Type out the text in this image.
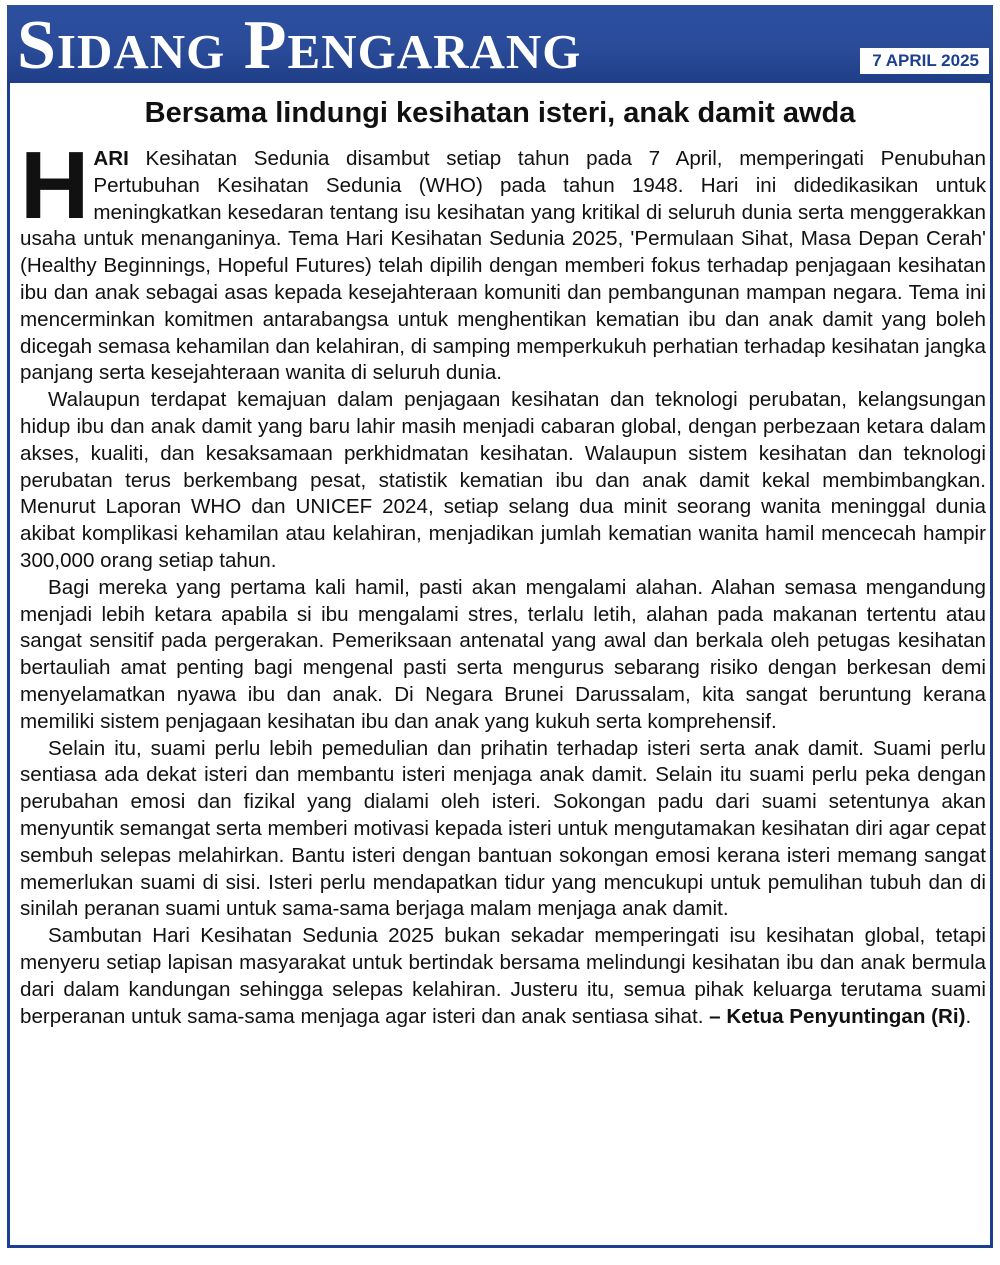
Sidang Pengarang	7 APRIL 2025
Bersama lindungi kesihatan isteri, anak damit awda

HARI Kesihatan Sedunia disambut setiap tahun pada 7 April, memperingati Penubuhan Pertubuhan Kesihatan Sedunia (WHO) pada tahun 1948. Hari ini didedikasikan untuk meningkatkan kesedaran tentang isu kesihatan yang kritikal di seluruh dunia serta menggerakkan usaha untuk menanganinya. Tema Hari Kesihatan Sedunia 2025, 'Permulaan Sihat, Masa Depan Cerah' (Healthy Beginnings, Hopeful Futures) telah dipilih dengan memberi fokus terhadap penjagaan kesihatan ibu dan anak sebagai asas kepada kesejahteraan komuniti dan pembangunan mampan negara. Tema ini mencerminkan komitmen antarabangsa untuk menghentikan kematian ibu dan anak damit yang boleh dicegah semasa kehamilan dan kelahiran, di samping memperkukuh perhatian terhadap kesihatan jangka panjang serta kesejahteraan wanita di seluruh dunia.

Walaupun terdapat kemajuan dalam penjagaan kesihatan dan teknologi perubatan, kelangsungan hidup ibu dan anak damit yang baru lahir masih menjadi cabaran global, dengan perbezaan ketara dalam akses, kualiti, dan kesaksamaan perkhidmatan kesihatan. Walaupun sistem kesihatan dan teknologi perubatan terus berkembang pesat, statistik kematian ibu dan anak damit kekal membimbangkan. Menurut Laporan WHO dan UNICEF 2024, setiap selang dua minit seorang wanita meninggal dunia akibat komplikasi kehamilan atau kelahiran, menjadikan jumlah kematian wanita hamil mencecah hampir 300,000 orang setiap tahun.

Bagi mereka yang pertama kali hamil, pasti akan mengalami alahan. Alahan semasa mengandung menjadi lebih ketara apabila si ibu mengalami stres, terlalu letih, alahan pada makanan tertentu atau sangat sensitif pada pergerakan. Pemeriksaan antenatal yang awal dan berkala oleh petugas kesihatan bertauliah amat penting bagi mengenal pasti serta mengurus sebarang risiko dengan berkesan demi menyelamatkan nyawa ibu dan anak. Di Negara Brunei Darussalam, kita sangat beruntung kerana memiliki sistem penjagaan kesihatan ibu dan anak yang kukuh serta komprehensif.

Selain itu, suami perlu lebih pemedulian dan prihatin terhadap isteri serta anak damit. Suami perlu sentiasa ada dekat isteri dan membantu isteri menjaga anak damit. Selain itu suami perlu peka dengan perubahan emosi dan fizikal yang dialami oleh isteri. Sokongan padu dari suami setentunya akan menyuntik semangat serta memberi motivasi kepada isteri untuk mengutamakan kesihatan diri agar cepat sembuh selepas melahirkan. Bantu isteri dengan bantuan sokongan emosi kerana isteri memang sangat memerlukan suami di sisi. Isteri perlu mendapatkan tidur yang mencukupi untuk pemulihan tubuh dan di sinilah peranan suami untuk sama-sama berjaga malam menjaga anak damit.

Sambutan Hari Kesihatan Sedunia 2025 bukan sekadar memperingati isu kesihatan global, tetapi menyeru setiap lapisan masyarakat untuk bertindak bersama melindungi kesihatan ibu dan anak bermula dari dalam kandungan sehingga selepas kelahiran. Justeru itu, semua pihak keluarga terutama suami berperanan untuk sama-sama menjaga agar isteri dan anak sentiasa sihat. – Ketua Penyuntingan (Ri).
